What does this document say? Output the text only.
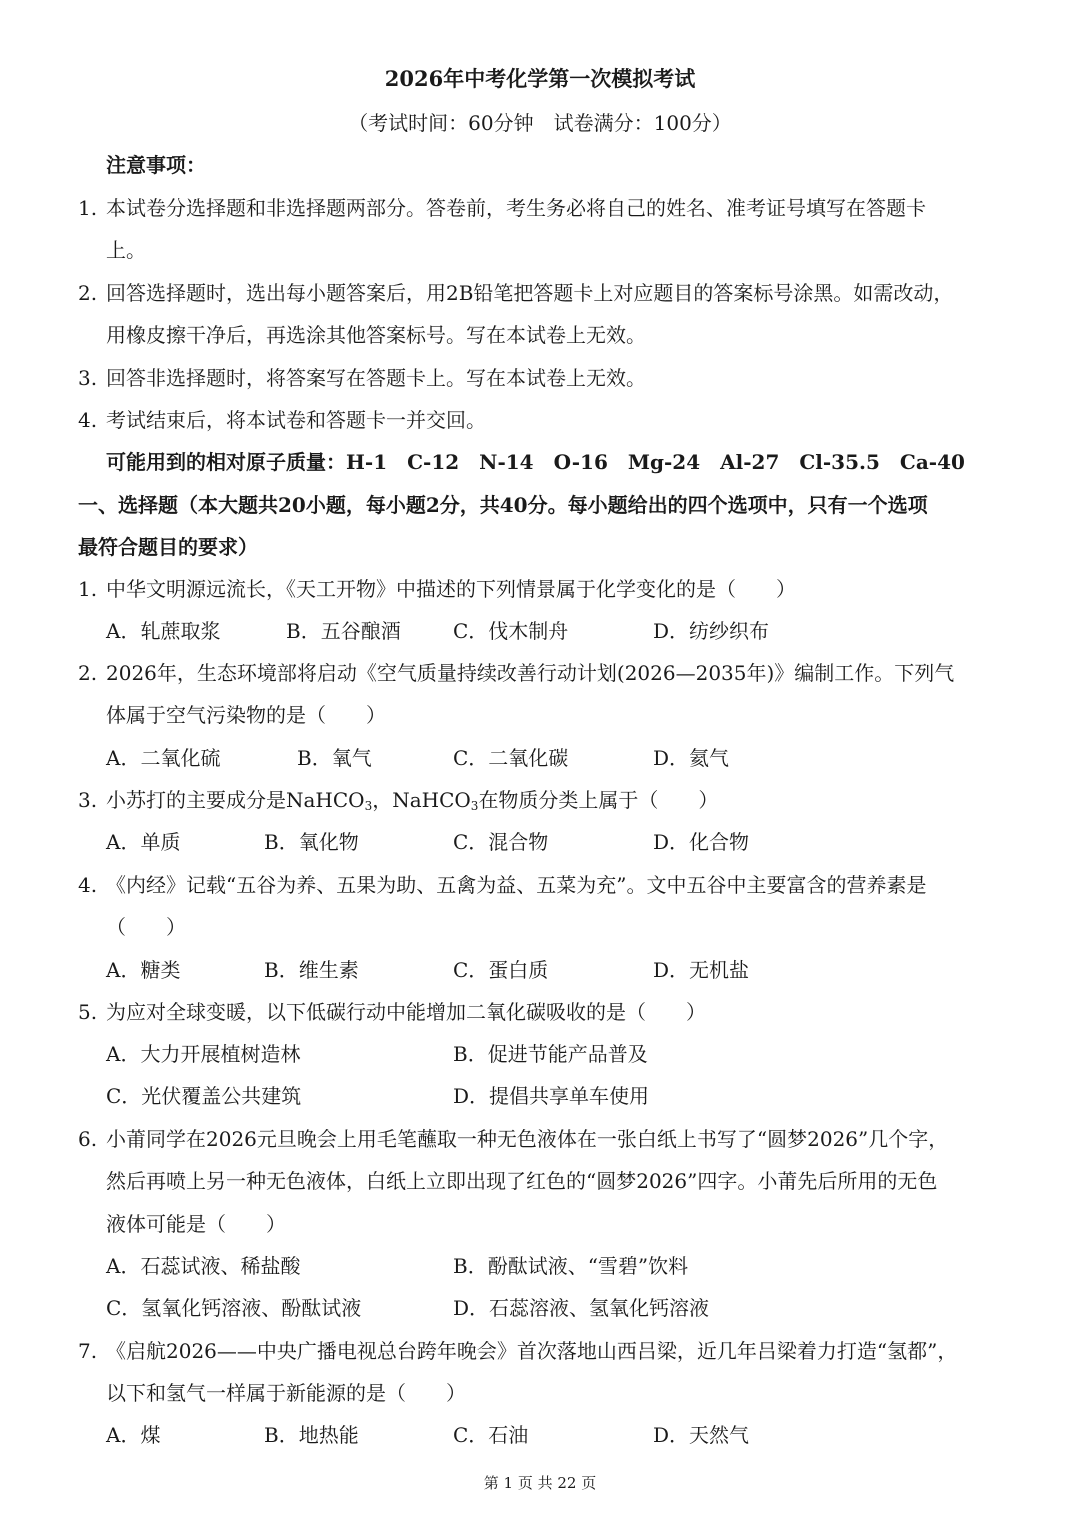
2026年中考化学第一次模拟考试
（考试时间：60分钟　试卷满分：100分）
注意事项：
1. 本试卷分选择题和非选择题两部分。答卷前，考生务必将自己的姓名、准考证号填写在答题卡
上。
2. 回答选择题时，选出每小题答案后，用2B铅笔把答题卡上对应题目的答案标号涂黑。如需改动，
用橡皮擦干净后，再选涂其他答案标号。写在本试卷上无效。
3. 回答非选择题时，将答案写在答题卡上。写在本试卷上无效。
4. 考试结束后，将本试卷和答题卡一并交回。
可能用到的相对原子质量：H-1　C-12　N-14　O-16　Mg-24　Al-27　Cl-35.5　Ca-40
一、选择题（本大题共20小题，每小题2分，共40分。每小题给出的四个选项中，只有一个选项
最符合题目的要求）
1. 中华文明源远流长，《天工开物》中描述的下列情景属于化学变化的是（　　）
A．轧蔗取浆	B．五谷酿酒	C．伐木制舟	D．纺纱织布
2. 2026年，生态环境部将启动《空气质量持续改善行动计划(2026—2035年)》编制工作。下列气
体属于空气污染物的是（　　）
A．二氧化硫	B．氧气	C．二氧化碳	D．氦气
3. 小苏打的主要成分是NaHCO$_3$，NaHCO$_3$在物质分类上属于（　　）
A．单质	B．氧化物	C．混合物	D．化合物
4. 《内经》记载“五谷为养、五果为助、五禽为益、五菜为充”。文中五谷中主要富含的营养素是
（　　）
A．糖类	B．维生素	C．蛋白质	D．无机盐
5. 为应对全球变暖，以下低碳行动中能增加二氧化碳吸收的是（　　）
A．大力开展植树造林	B．促进节能产品普及
C．光伏覆盖公共建筑	D．提倡共享单车使用
6. 小莆同学在2026元旦晚会上用毛笔蘸取一种无色液体在一张白纸上书写了“圆梦2026”几个字，
然后再喷上另一种无色液体，白纸上立即出现了红色的“圆梦2026”四字。小莆先后所用的无色
液体可能是（　　）
A．石蕊试液、稀盐酸	B．酚酞试液、“雪碧”饮料
C．氢氧化钙溶液、酚酞试液	D．石蕊溶液、氢氧化钙溶液
7. 《启航2026——中央广播电视总台跨年晚会》首次落地山西吕梁，近几年吕梁着力打造“氢都”，
以下和氢气一样属于新能源的是（　　）
A．煤	B．地热能	C．石油	D．天然气
第 1 页 共 22 页
